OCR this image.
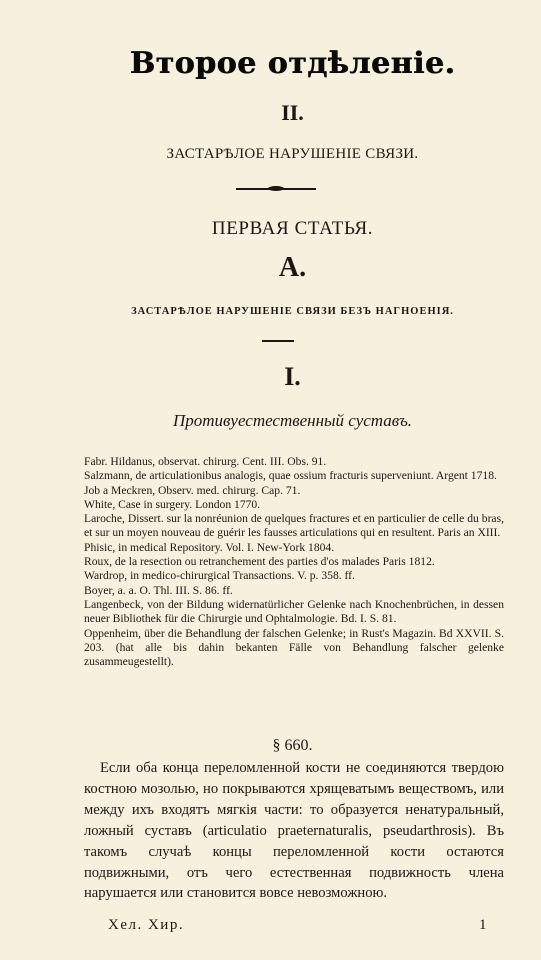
Второе отдѣленіе.
II.
ЗАСТАРѢЛОЕ НАРУШЕНІЕ СВЯЗИ.
ПЕРВАЯ СТАТЬЯ.
А.
ЗАСТАРѢЛОЕ НАРУШЕНІЕ СВЯЗИ БЕЗЪ НАГНОЕНІЯ.
I.
Противуестественный суставъ.

Fabr. Hildanus, observat. chirurg. Cent. III. Obs. 91.

Salzmann, de articulationibus analogis, quae ossium fracturis superveniunt. Argent 1718.

Job a Meckren, Observ. med. chirurg. Cap. 71.

White, Case in surgery. London 1770.

Laroche, Dissert. sur la nonréunion de quelques fractures et en particulier de celle du bras, et sur un moyen nouveau de guérir les fausses articulations qui en resultent. Paris an XIII.

Phisic, in medical Repository. Vol. I. New-York 1804.

Roux, de la resection ou retranchement des parties d'os malades Paris 1812.

Wardrop, in medico-chirurgical Transactions. V. p. 358. ff.

Boyer, a. a. O. Thl. III. S. 86. ff.

Langenbeck, von der Bildung widernatürlicher Gelenke nach Knochenbrüchen, in dessen neuer Bibliothek für die Chirurgie und Ophtalmologie. Bd. I. S. 81.

Oppenheim, über die Behandlung der falschen Gelenke; in Rust's Magazin. Bd XXVII. S. 203. (hat alle bis dahin bekanten Fälle von Behandlung falscher gelenke zusammeugestellt).

§ 660.

Если оба конца переломленной кости не соединяются твердою костною мозолью, но покрываются хрящеватымъ веществомъ, или между ихъ входятъ мягкія части: то образуется ненатуральный, ложный суставъ (articulatio praeternaturalis, pseudarthrosis). Въ такомъ случаѣ концы переломленной кости остаются подвижными, отъ чего естественная подвижность члена нарушается или становится вовсе невозможною.

Хел. Хир.	1
